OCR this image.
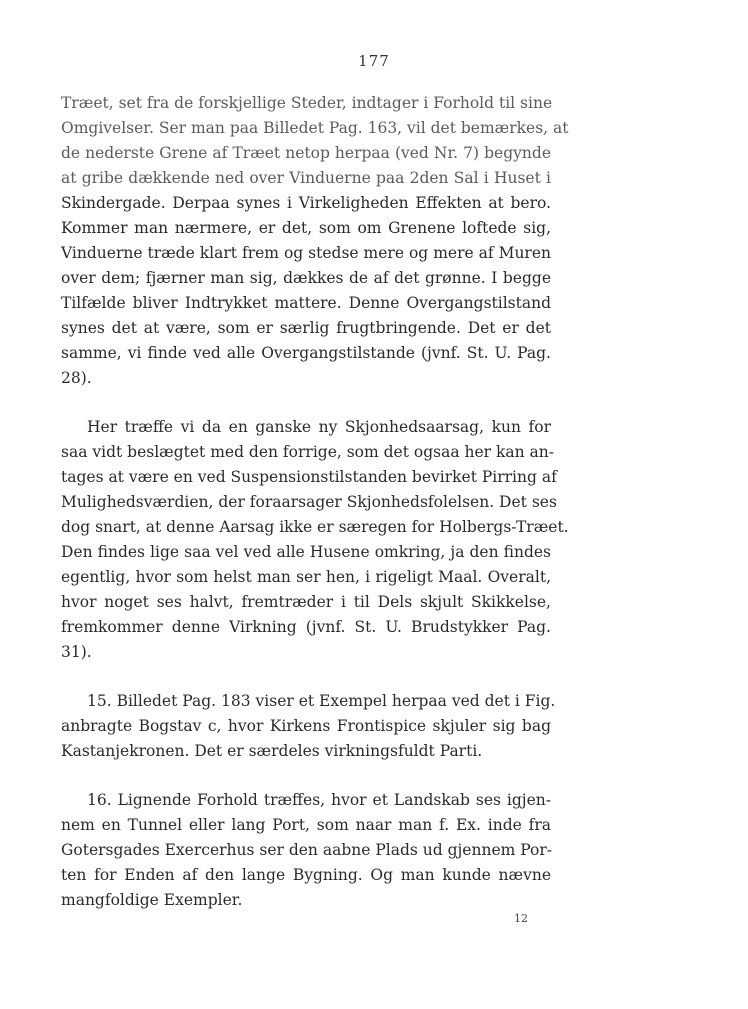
177
Træet, set fra de forskjellige Steder, indtager i Forhold til sine
Omgivelser. Ser man paa Billedet Pag. 163, vil det bemærkes, at
de nederste Grene af Træet netop herpaa (ved Nr. 7) begynde
at gribe dækkende ned over Vinduerne paa 2den Sal i Huset i
Skindergade. Derpaa synes i Virkeligheden Effekten at bero.
Kommer man nærmere, er det, som om Grenene loftede sig,
Vinduerne træde klart frem og stedse mere og mere af Muren
over dem; fjærner man sig, dækkes de af det grønne. I begge
Tilfælde bliver Indtrykket mattere. Denne Overgangstilstand
synes det at være, som er særlig frugtbringende. Det er det
samme, vi finde ved alle Overgangstilstande (jvnf. St. U. Pag.
28).
Her træffe vi da en ganske ny Skjonhedsaarsag, kun for
saa vidt beslægtet med den forrige, som det ogsaa her kan an-
tages at være en ved Suspensionstilstanden bevirket Pirring af
Mulighedsværdien, der foraarsager Skjonhedsfolelsen. Det ses
dog snart, at denne Aarsag ikke er særegen for Holbergs-Træet.
Den findes lige saa vel ved alle Husene omkring, ja den findes
egentlig, hvor som helst man ser hen, i rigeligt Maal. Overalt,
hvor noget ses halvt, fremtræder i til Dels skjult Skikkelse,
fremkommer denne Virkning (jvnf. St. U. Brudstykker Pag.
31).
15. Billedet Pag. 183 viser et Exempel herpaa ved det i Fig.
anbragte Bogstav c, hvor Kirkens Frontispice skjuler sig bag
Kastanjekronen. Det er særdeles virkningsfuldt Parti.
16. Lignende Forhold træffes, hvor et Landskab ses igjen-
nem en Tunnel eller lang Port, som naar man f. Ex. inde fra
Gotersgades Exercerhus ser den aabne Plads ud gjennem Por-
ten for Enden af den lange Bygning. Og man kunde nævne
mangfoldige Exempler.
12
